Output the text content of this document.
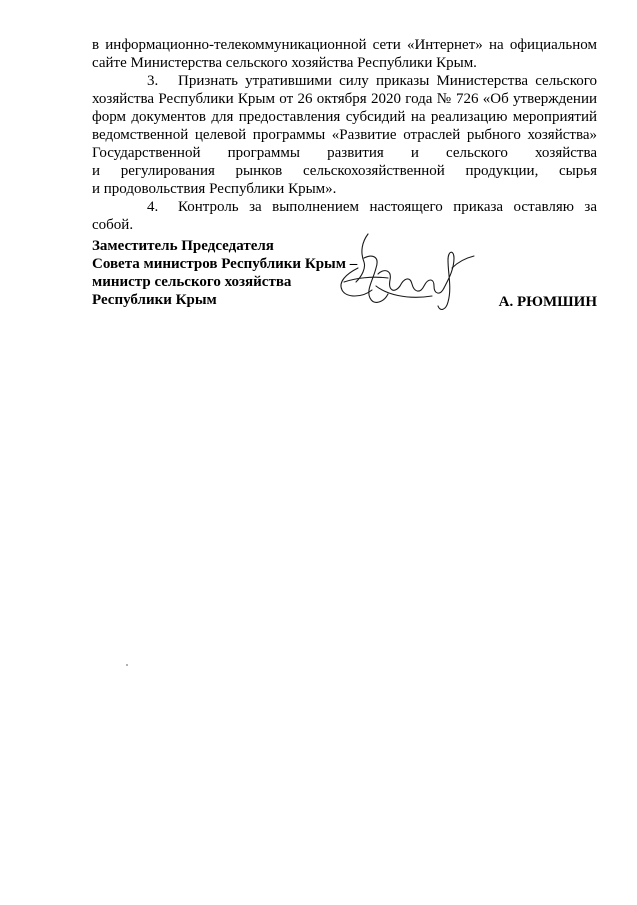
в информационно-телекоммуникационной сети «Интернет» на официальном

сайте Министерства сельского хозяйства Республики Крым.

3. Признать утратившими силу приказы Министерства сельского

хозяйства Республики Крым от 26 октября 2020 года № 726 «Об утверждении

форм документов для предоставления субсидий на реализацию мероприятий

ведомственной целевой программы «Развитие отраслей рыбного хозяйства»

Государственной      программы      развития      и      сельского      хозяйства

и     регулирования     рынков     сельскохозяйственной     продукции,     сырья

и продовольствия Республики Крым».

4. Контроль за выполнением настоящего приказа оставляю за собой.

Заместитель Председателя
Совета министров Республики Крым –
министр сельского хозяйства
Республики Крым	А. РЮМШИН
